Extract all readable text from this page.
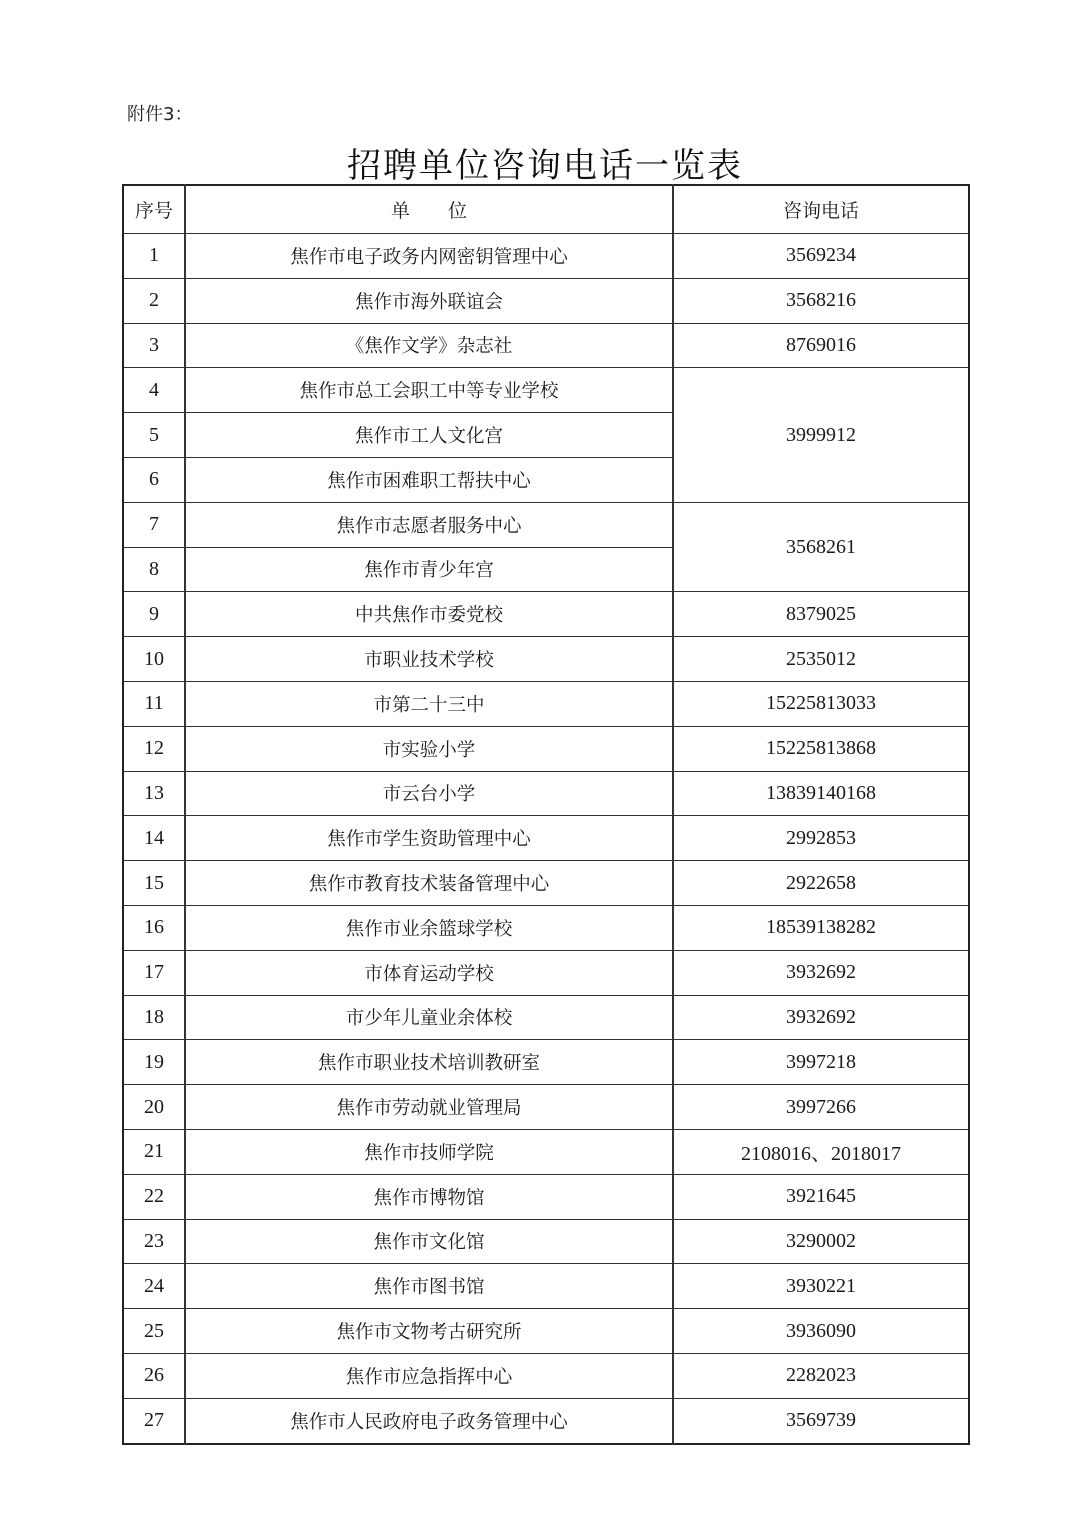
附件3：
招聘单位咨询电话一览表
序号	单　　位	咨询电话
1	焦作市电子政务内网密钥管理中心	3569234
2	焦作市海外联谊会	3568216
3	《焦作文学》杂志社	8769016
4	焦作市总工会职工中等专业学校	3999912
5	焦作市工人文化宫	
6	焦作市困难职工帮扶中心	
7	焦作市志愿者服务中心	3568261
8	焦作市青少年宫	
9	中共焦作市委党校	8379025
10	市职业技术学校	2535012
11	市第二十三中	15225813033
12	市实验小学	15225813868
13	市云台小学	13839140168
14	焦作市学生资助管理中心	2992853
15	焦作市教育技术装备管理中心	2922658
16	焦作市业余篮球学校	18539138282
17	市体育运动学校	3932692
18	市少年儿童业余体校	3932692
19	焦作市职业技术培训教研室	3997218
20	焦作市劳动就业管理局	3997266
21	焦作市技师学院	2108016、2018017
22	焦作市博物馆	3921645
23	焦作市文化馆	3290002
24	焦作市图书馆	3930221
25	焦作市文物考古研究所	3936090
26	焦作市应急指挥中心	2282023
27	焦作市人民政府电子政务管理中心	3569739
